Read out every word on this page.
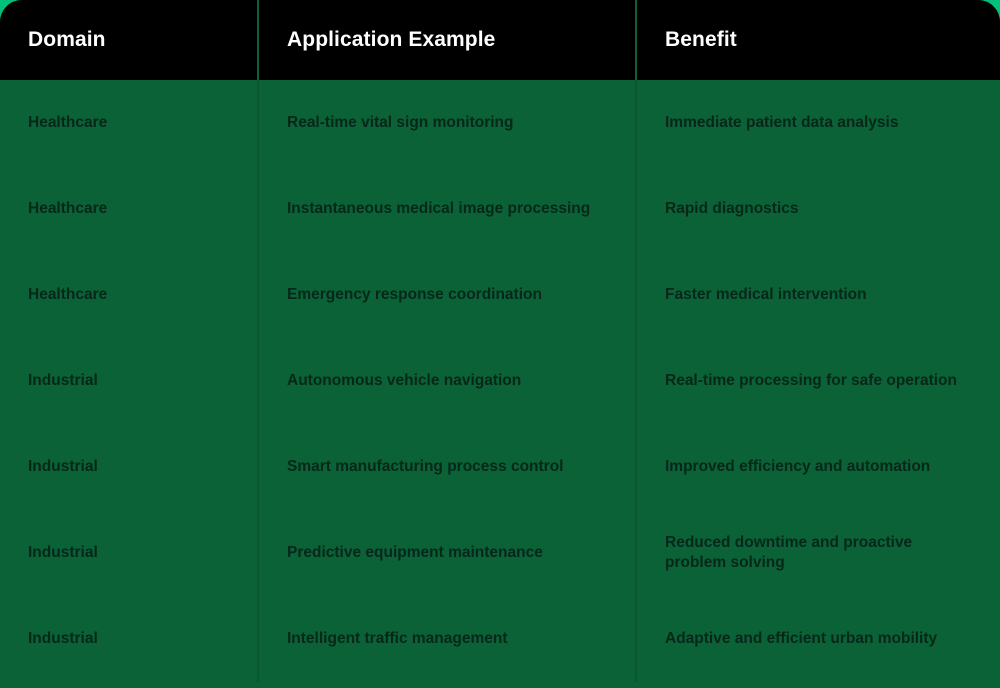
Domain	Application Example	Benefit
Healthcare	Real-time vital sign monitoring	Immediate patient data analysis
Healthcare	Instantaneous medical image processing	Rapid diagnostics
Healthcare	Emergency response coordination	Faster medical intervention
Industrial	Autonomous vehicle navigation	Real-time processing for safe operation
Industrial	Smart manufacturing process control	Improved efficiency and automation
Industrial	Predictive equipment maintenance	Reduced downtime and proactive problem solving
Industrial	Intelligent traffic management	Adaptive and efficient urban mobility
